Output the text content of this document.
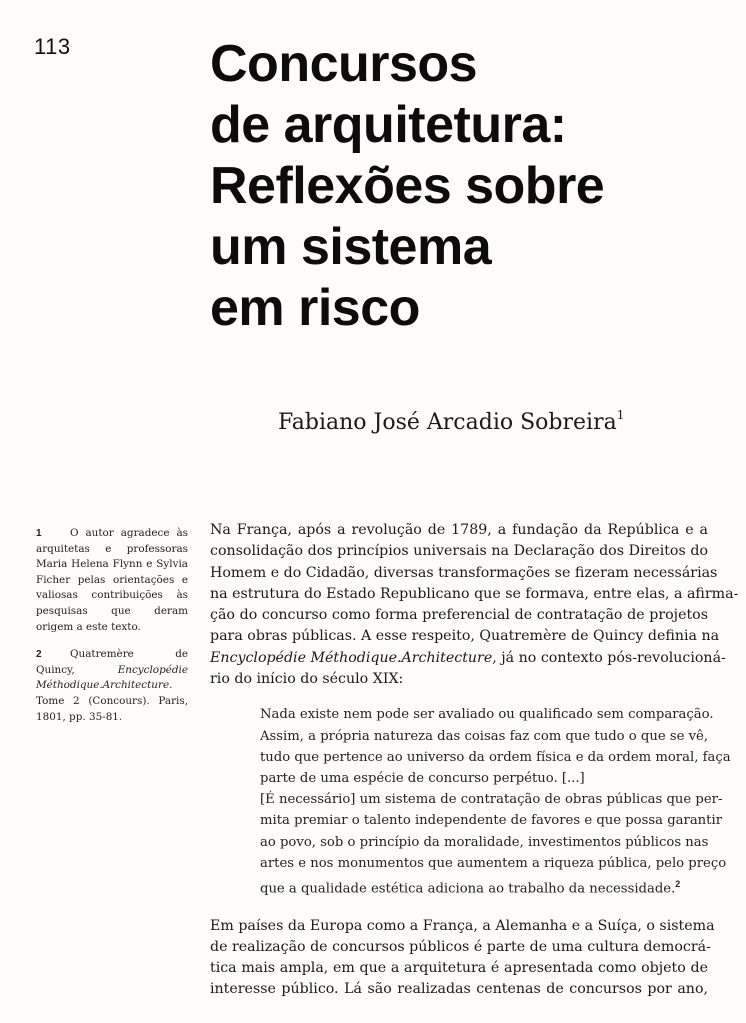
113	Concursos
de arquitetura:
Reflexões sobre
um sistema
em risco
Fabiano José Arcadio Sobreira$^1$
1	O autor agradece às arquitetas e professoras Maria Helena Flynn e Sylvia Ficher pelas orientações e valiosas contribuições às pesquisas que deram origem a este texto.
2	Quatremère de Quincy, Encyclopédie Méthodique.Architecture. Tome 2 (Concours). Paris, 1801, pp. 35-81.

Na França, após a revolução de 1789, a fundação da República e a
consolidação dos princípios universais na Declaração dos Direitos do
Homem e do Cidadão, diversas transformações se fizeram necessárias
na estrutura do Estado Republicano que se formava, entre elas, a afirma-
ção do concurso como forma preferencial de contratação de projetos
para obras públicas. A esse respeito, Quatremère de Quincy definia na
Encyclopédie Méthodique.Architecture, já no contexto pós-revolucioná-
rio do início do século XIX:

Nada existe nem pode ser avaliado ou qualificado sem comparação.
Assim, a própria natureza das coisas faz com que tudo o que se vê,
tudo que pertence ao universo da ordem física e da ordem moral, faça
parte de uma espécie de concurso perpétuo. [...]
[É necessário] um sistema de contratação de obras públicas que per-
mita premiar o talento independente de favores e que possa garantir
ao povo, sob o princípio da moralidade, investimentos públicos nas
artes e nos monumentos que aumentem a riqueza pública, pelo preço
que a qualidade estética adiciona ao trabalho da necessidade.$^2$

Em países da Europa como a França, a Alemanha e a Suíça, o sistema
de realização de concursos públicos é parte de uma cultura democrá-
tica mais ampla, em que a arquitetura é apresentada como objeto de
interesse público. Lá são realizadas centenas de concursos por ano,
